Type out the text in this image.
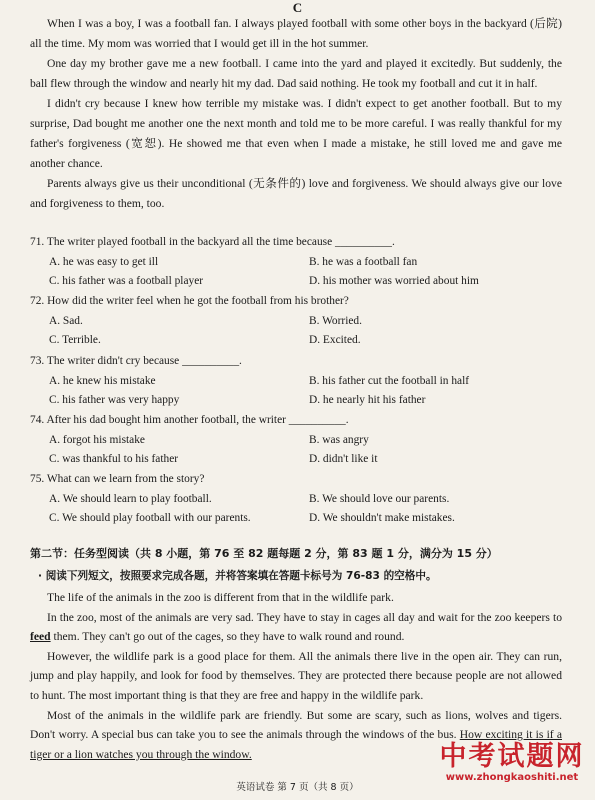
C

When I was a boy, I was a football fan. I always played football with some other boys in the backyard (后院) all the time. My mom was worried that I would get ill in the hot summer.

One day my brother gave me a new football. I came into the yard and played it excitedly. But suddenly, the ball flew through the window and nearly hit my dad. Dad said nothing. He took my football and cut it in half.

I didn't cry because I knew how terrible my mistake was. I didn't expect to get another football. But to my surprise, Dad bought me another one the next month and told me to be more careful. I was really thankful for my father's forgiveness (宽恕). He showed me that even when I made a mistake, he still loved me and gave me another chance.

Parents always give us their unconditional (无条件的) love and forgiveness. We should always give our love and forgiveness to them, too.

71. The writer played football in the backyard all the time because __________.

A. he was easy to get ill	B. he was a football fan
C. his father was a football player	D. his mother was worried about him

72. How did the writer feel when he got the football from his brother?

A. Sad.	B. Worried.
C. Terrible.	D. Excited.

73. The writer didn't cry because __________.

A. he knew his mistake	B. his father cut the football in half
C. his father was very happy	D. he nearly hit his father

74. After his dad bought him another football, the writer __________.

A. forgot his mistake	B. was angry
C. was thankful to his father	D. didn't like it

75. What can we learn from the story?

A. We should learn to play football.	B. We should love our parents.
C. We should play football with our parents.	D. We shouldn't make mistakes.
第二节：任务型阅读（共 8 小题，第 76 至 82 题每题 2 分，第 83 题 1 分，满分为 15 分）
· 阅读下列短文，按照要求完成各题，并将答案填在答题卡标号为 76-83 的空格中。

The life of the animals in the zoo is different from that in the wildlife park.

In the zoo, most of the animals are very sad. They have to stay in cages all day and wait for the zoo keepers to feed them. They can't go out of the cages, so they have to walk round and round.

However, the wildlife park is a good place for them. All the animals there live in the open air. They can run, jump and play happily, and look for food by themselves. They are protected there because people are not allowed to hunt. The most important thing is that they are free and happy in the wildlife park.

Most of the animals in the wildlife park are friendly. But some are scary, such as lions, wolves and tigers. Don't worry. A special bus can take you to see the animals through the windows of the bus. How exciting it is if a tiger or a lion watches you through the window.	中考试题网
www.zhongkaoshiti.net
英语试卷 第 7 页（共 8 页）
